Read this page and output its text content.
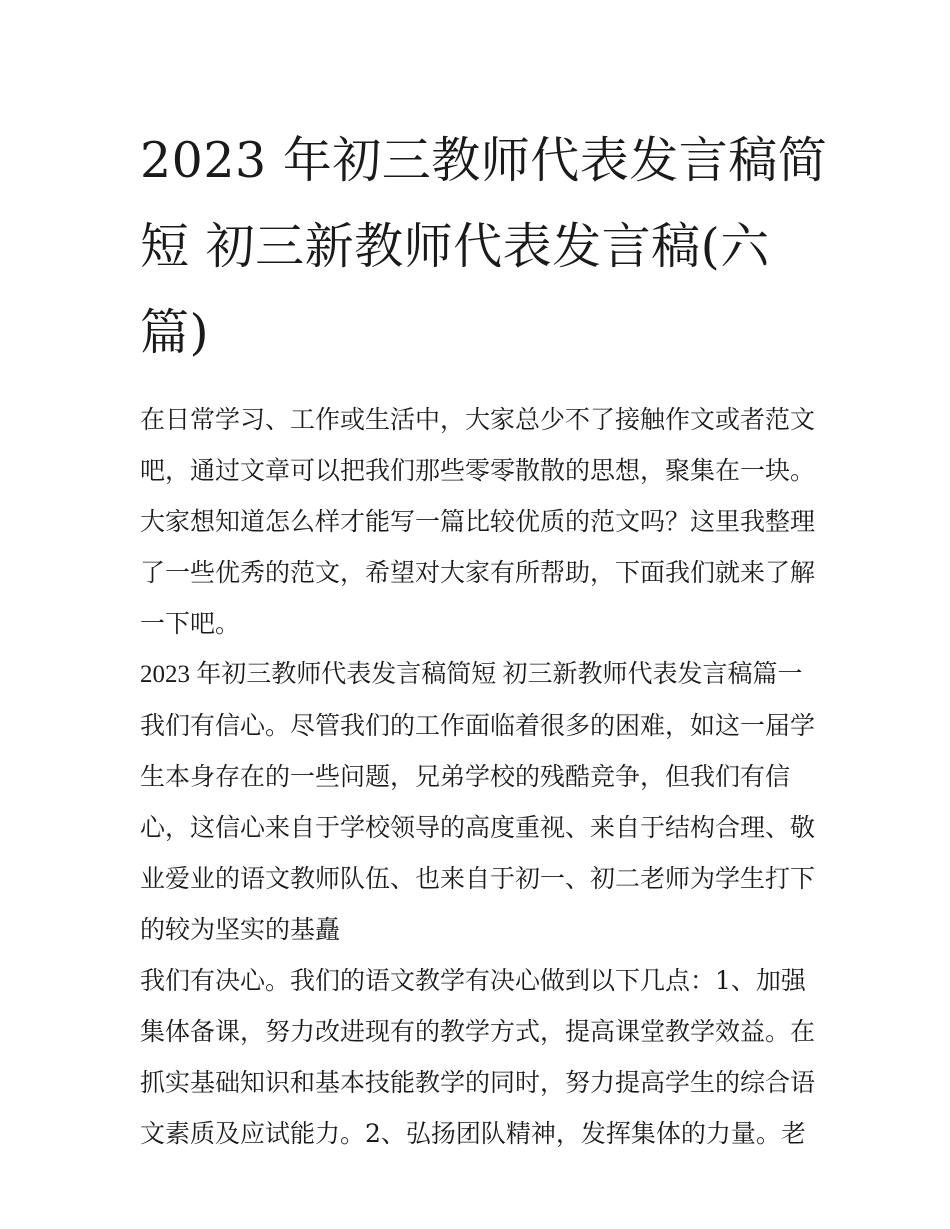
2023 年初三教师代表发言稿简
短 初三新教师代表发言稿(六
篇)

在日常学习、工作或生活中，大家总少不了接触作文或者范文
吧，通过文章可以把我们那些零零散散的思想，聚集在一块。
大家想知道怎么样才能写一篇比较优质的范文吗？这里我整理
了一些优秀的范文，希望对大家有所帮助，下面我们就来了解
一下吧。

2023 年初三教师代表发言稿简短 初三新教师代表发言稿篇一

我们有信心。尽管我们的工作面临着很多的困难，如这一届学
生本身存在的一些问题，兄弟学校的残酷竞争，但我们有信
心，这信心来自于学校领导的高度重视、来自于结构合理、敬
业爱业的语文教师队伍、也来自于初一、初二老师为学生打下
的较为坚实的基矗

我们有决心。我们的语文教学有决心做到以下几点：1、加强
集体备课，努力改进现有的教学方式，提高课堂教学效益。在
抓实基础知识和基本技能教学的同时，努力提高学生的综合语
文素质及应试能力。2、弘扬团队精神，发挥集体的力量。老
